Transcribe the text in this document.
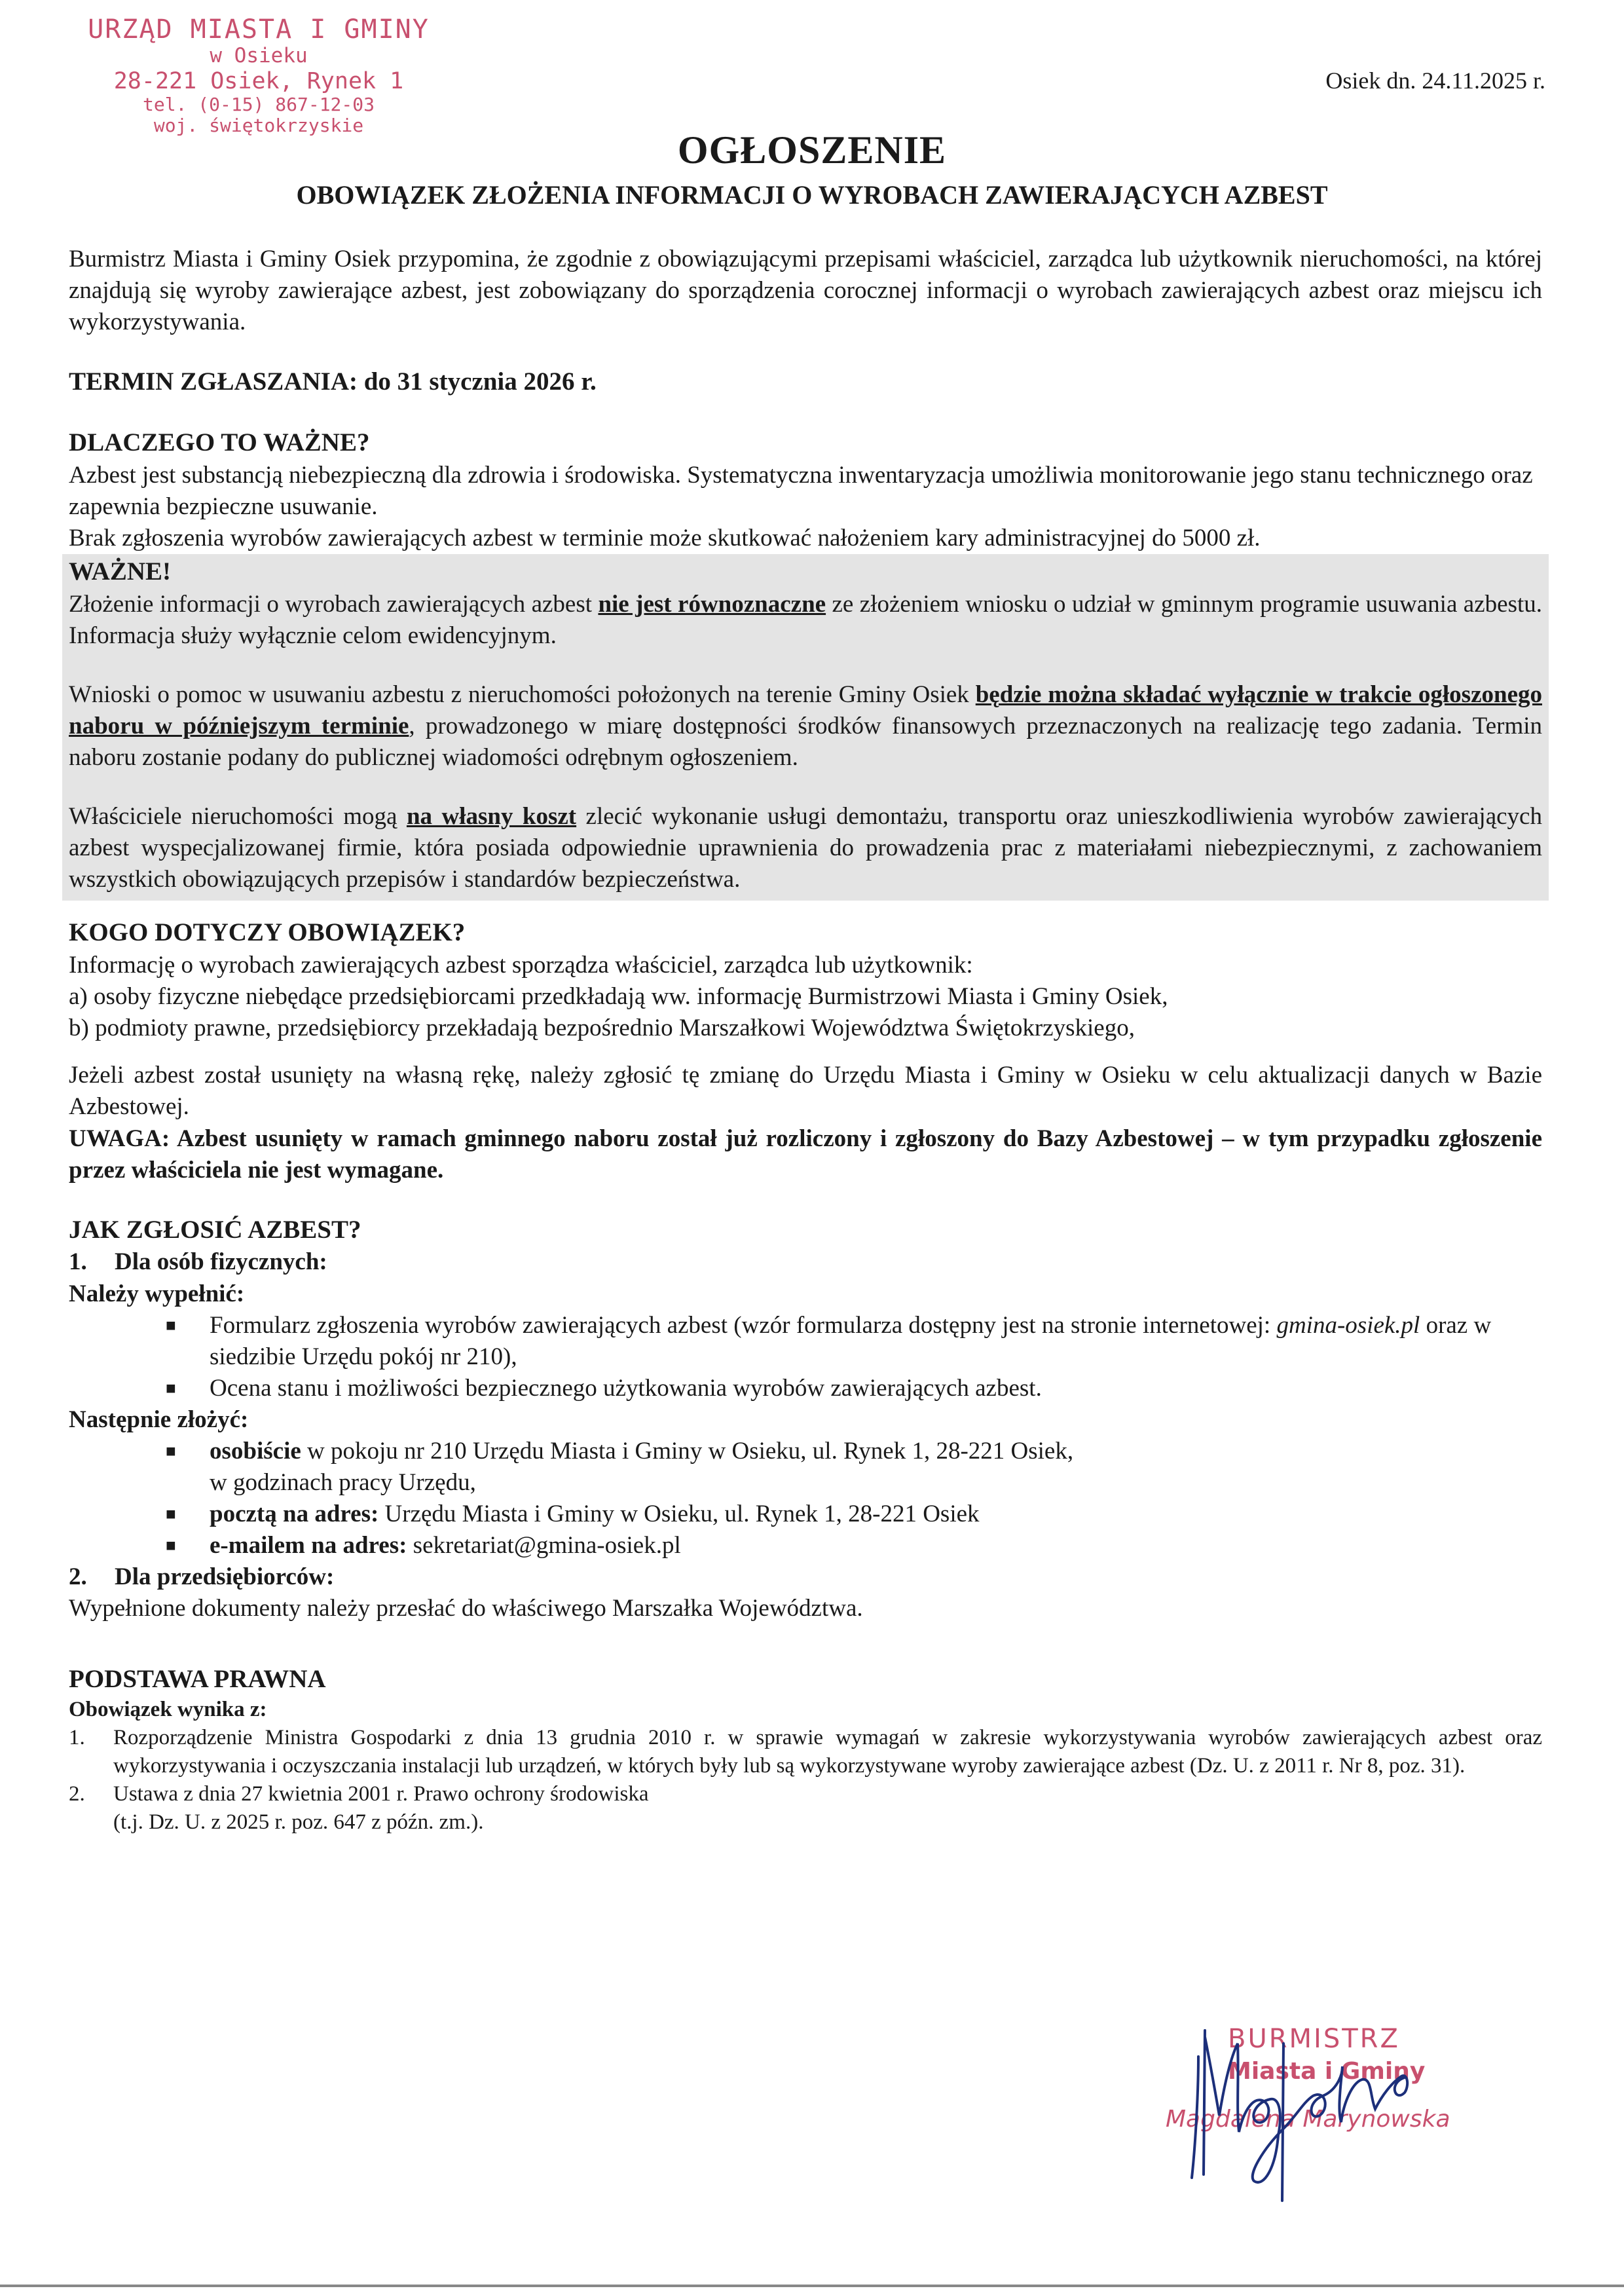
URZĄD MIASTA I GMINY
w Osieku
28-221 Osiek, Rynek 1
tel. (0-15) 867-12-03
woj. świętokrzyskie
Osiek dn. 24.11.2025 r.
OGŁOSZENIE
OBOWIĄZEK ZŁOŻENIA INFORMACJI O WYROBACH ZAWIERAJĄCYCH AZBEST

Burmistrz Miasta i Gminy Osiek przypomina, że zgodnie z obowiązującymi przepisami właściciel, zarządca lub użytkownik nieruchomości, na której znajdują się wyroby zawierające azbest, jest zobowiązany do sporządzenia corocznej informacji o wyrobach zawierających azbest oraz miejscu ich wykorzystywania.

TERMIN ZGŁASZANIA: do 31 stycznia 2026 r.

DLACZEGO TO WAŻNE?

Azbest jest substancją niebezpieczną dla zdrowia i środowiska. Systematyczna inwentaryzacja umożliwia monitorowanie jego stanu technicznego oraz zapewnia bezpieczne usuwanie.

Brak zgłoszenia wyrobów zawierających azbest w terminie może skutkować nałożeniem kary administracyjnej do 5000 zł.

WAŻNE!

Złożenie informacji o wyrobach zawierających azbest nie jest równoznaczne ze złożeniem wniosku o udział w gminnym programie usuwania azbestu. Informacja służy wyłącznie celom ewidencyjnym.

Wnioski o pomoc w usuwaniu azbestu z nieruchomości położonych na terenie Gminy Osiek będzie można składać wyłącznie w trakcie ogłoszonego naboru w późniejszym terminie, prowadzonego w miarę dostępności środków finansowych przeznaczonych na realizację tego zadania. Termin naboru zostanie podany do publicznej wiadomości odrębnym ogłoszeniem.

Właściciele nieruchomości mogą na własny koszt zlecić wykonanie usługi demontażu, transportu oraz unieszkodliwienia wyrobów zawierających azbest wyspecjalizowanej firmie, która posiada odpowiednie uprawnienia do prowadzenia prac z materiałami niebezpiecznymi, z zachowaniem wszystkich obowiązujących przepisów i standardów bezpieczeństwa.

KOGO DOTYCZY OBOWIĄZEK?

Informację o wyrobach zawierających azbest sporządza właściciel, zarządca lub użytkownik:

a) osoby fizyczne niebędące przedsiębiorcami przedkładają ww. informację Burmistrzowi Miasta i Gminy Osiek,

b) podmioty prawne, przedsiębiorcy przekładają bezpośrednio Marszałkowi Województwa Świętokrzyskiego,

Jeżeli azbest został usunięty na własną rękę, należy zgłosić tę zmianę do Urzędu Miasta i Gminy w Osieku w celu aktualizacji danych w Bazie Azbestowej.

UWAGA: Azbest usunięty w ramach gminnego naboru został już rozliczony i zgłoszony do Bazy Azbestowej – w tym przypadku zgłoszenie przez właściciela nie jest wymagane.

JAK ZGŁOSIĆ AZBEST?

1. Dla osób fizycznych:

Należy wypełnić:

■ Formularz zgłoszenia wyrobów zawierających azbest (wzór formularza dostępny jest na stronie internetowej: gmina-osiek.pl oraz w siedzibie Urzędu pokój nr 210),
■ Ocena stanu i możliwości bezpiecznego użytkowania wyrobów zawierających azbest.

Następnie złożyć:

■ osobiście w pokoju nr 210 Urzędu Miasta i Gminy w Osieku, ul. Rynek 1, 28-221 Osiek,

w godzinach pracy Urzędu,

■ pocztą na adres: Urzędu Miasta i Gminy w Osieku, ul. Rynek 1, 28-221 Osiek
■ e-mailem na adres: sekretariat@gmina-osiek.pl

2. Dla przedsiębiorców:

Wypełnione dokumenty należy przesłać do właściwego Marszałka Województwa.

PODSTAWA PRAWNA

Obowiązek wynika z:

1. Rozporządzenie Ministra Gospodarki z dnia 13 grudnia 2010 r. w sprawie wymagań w zakresie wykorzystywania wyrobów zawierających azbest oraz wykorzystywania i oczyszczania instalacji lub urządzeń, w których były lub są wykorzystywane wyroby zawierające azbest (Dz. U. z 2011 r. Nr 8, poz. 31).
2. Ustawa z dnia 27 kwietnia 2001 r. Prawo ochrony środowiska
(t.j. Dz. U. z 2025 r. poz. 647 z późn. zm.).
BURMISTRZ
Miasta i Gminy
Magdalena Marynowska
